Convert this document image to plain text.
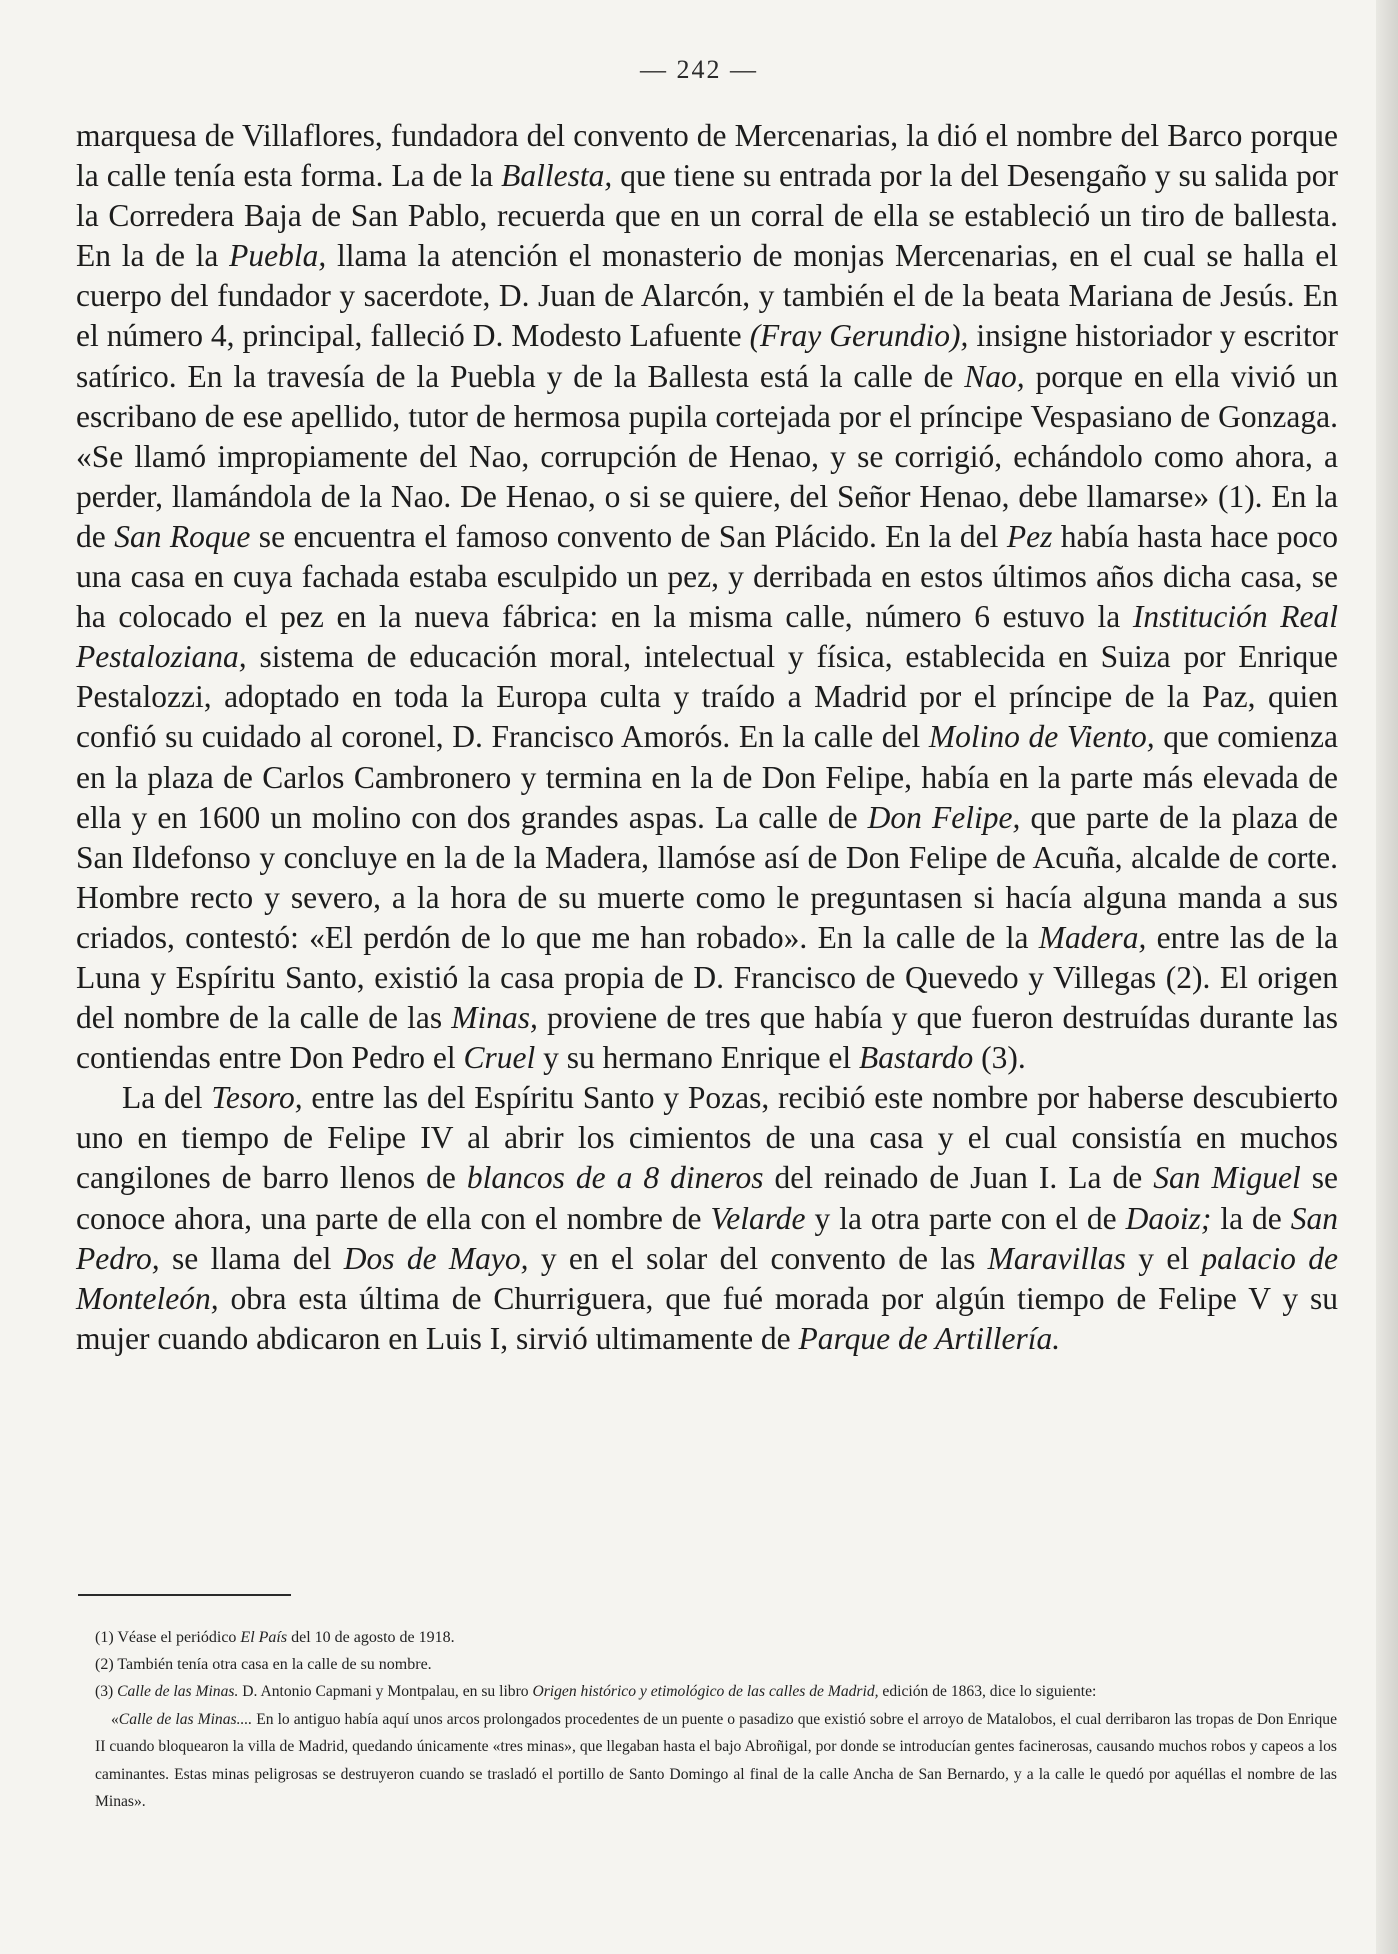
— 242 —

marquesa de Villaflores, fundadora del convento de Mercenarias, la dió el nombre del Barco porque la calle tenía esta forma. La de la Ballesta, que tiene su entrada por la del Desengaño y su salida por la Corredera Baja de San Pablo, recuerda que en un corral de ella se estableció un tiro de ballesta. En la de la Puebla, llama la atención el monasterio de monjas Mercenarias, en el cual se halla el cuerpo del fundador y sacerdote, D. Juan de Alarcón, y también el de la beata Mariana de Jesús. En el número 4, principal, falleció D. Modesto Lafuente (Fray Gerundio), insigne historiador y escritor satírico. En la travesía de la Puebla y de la Ballesta está la calle de Nao, porque en ella vivió un escribano de ese apellido, tutor de hermosa pupila cortejada por el príncipe Vespasiano de Gonzaga. «Se llamó impropiamente del Nao, corrupción de Henao, y se corrigió, echándolo como ahora, a perder, llamándola de la Nao. De Henao, o si se quiere, del Señor Henao, debe llamarse» (1). En la de San Roque se encuentra el famoso convento de San Plácido. En la del Pez había hasta hace poco una casa en cuya fachada estaba esculpido un pez, y derribada en estos últimos años dicha casa, se ha colocado el pez en la nueva fábrica: en la misma calle, número 6 estuvo la Institución Real Pestaloziana, sistema de educación moral, intelectual y física, establecida en Suiza por Enrique Pestalozzi, adoptado en toda la Europa culta y traído a Madrid por el príncipe de la Paz, quien confió su cuidado al coronel, D. Francisco Amorós. En la calle del Molino de Viento, que comienza en la plaza de Carlos Cambronero y termina en la de Don Felipe, había en la parte más elevada de ella y en 1600 un molino con dos grandes aspas. La calle de Don Felipe, que parte de la plaza de San Ildefonso y concluye en la de la Madera, llamóse así de Don Felipe de Acuña, alcalde de corte. Hombre recto y severo, a la hora de su muerte como le preguntasen si hacía alguna manda a sus criados, contestó: «El perdón de lo que me han robado». En la calle de la Madera, entre las de la Luna y Espíritu Santo, existió la casa propia de D. Francisco de Quevedo y Villegas (2). El origen del nombre de la calle de las Minas, proviene de tres que había y que fueron destruídas durante las contiendas entre Don Pedro el Cruel y su hermano Enrique el Bastardo (3).

La del Tesoro, entre las del Espíritu Santo y Pozas, recibió este nombre por haberse descubierto uno en tiempo de Felipe IV al abrir los cimientos de una casa y el cual consistía en muchos cangilones de barro llenos de blancos de a 8 dineros del reinado de Juan I. La de San Miguel se conoce ahora, una parte de ella con el nombre de Velarde y la otra parte con el de Daoiz; la de San Pedro, se llama del Dos de Mayo, y en el solar del convento de las Maravillas y el palacio de Monteleón, obra esta última de Churriguera, que fué morada por algún tiempo de Felipe V y su mujer cuando abdicaron en Luis I, sirvió ultimamente de Parque de Artillería.

(1) Véase el periódico El País del 10 de agosto de 1918.

(2) También tenía otra casa en la calle de su nombre.

(3) Calle de las Minas. D. Antonio Capmani y Montpalau, en su libro Origen histórico y etimológico de las calles de Madrid, edición de 1863, dice lo siguiente:

«Calle de las Minas.... En lo antiguo había aquí unos arcos prolongados procedentes de un puente o pasadizo que existió sobre el arroyo de Matalobos, el cual derribaron las tropas de Don Enrique II cuando bloquearon la villa de Madrid, quedando únicamente «tres minas», que llegaban hasta el bajo Abroñigal, por donde se introducían gentes facinerosas, causando muchos robos y capeos a los caminantes. Estas minas peligrosas se destruyeron cuando se trasladó el portillo de Santo Domingo al final de la calle Ancha de San Bernardo, y a la calle le quedó por aquéllas el nombre de las Minas».
